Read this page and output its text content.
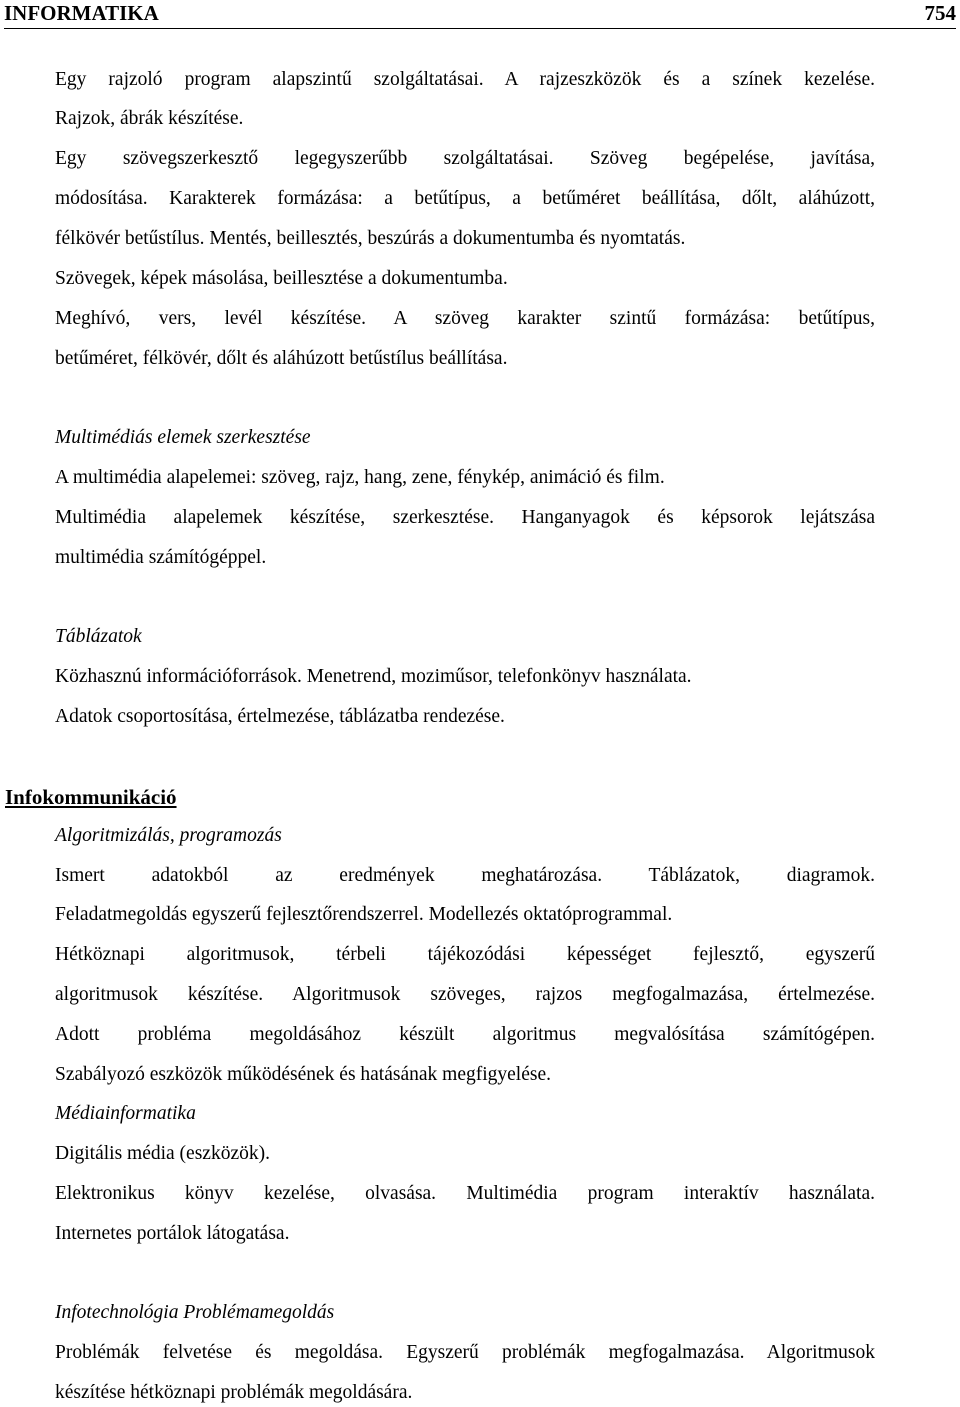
INFORMATIKA	754
Egy rajzoló program alapszintű szolgáltatásai. A rajzeszközök és a színek kezelése.
Rajzok, ábrák készítése.
Egy szövegszerkesztő legegyszerűbb szolgáltatásai. Szöveg begépelése, javítása,
módosítása. Karakterek formázása: a betűtípus, a betűméret beállítása, dőlt, aláhúzott,
félkövér betűstílus. Mentés, beillesztés, beszúrás a dokumentumba és nyomtatás.
Szövegek, képek másolása, beillesztése a dokumentumba.
Meghívó, vers, levél készítése. A szöveg karakter szintű formázása: betűtípus,
betűméret, félkövér, dőlt és aláhúzott betűstílus beállítása.
Multimédiás elemek szerkesztése
A multimédia alapelemei: szöveg, rajz, hang, zene, fénykép, animáció és film.
Multimédia alapelemek készítése, szerkesztése. Hanganyagok és képsorok lejátszása
multimédia számítógéppel.
Táblázatok
Közhasznú információforrások. Menetrend, moziműsor, telefonkönyv használata.
Adatok csoportosítása, értelmezése, táblázatba rendezése.
Infokommunikáció
Algoritmizálás, programozás
Ismert adatokból az eredmények meghatározása. Táblázatok, diagramok.
Feladatmegoldás egyszerű fejlesztőrendszerrel. Modellezés oktatóprogrammal.
Hétköznapi algoritmusok, térbeli tájékozódási képességet fejlesztő, egyszerű
algoritmusok készítése. Algoritmusok szöveges, rajzos megfogalmazása, értelmezése.
Adott probléma megoldásához készült algoritmus megvalósítása számítógépen.
Szabályozó eszközök működésének és hatásának megfigyelése.
Médiainformatika
Digitális média (eszközök).
Elektronikus könyv kezelése, olvasása. Multimédia program interaktív használata.
Internetes portálok látogatása.
Infotechnológia Problémamegoldás
Problémák felvetése és megoldása. Egyszerű problémák megfogalmazása. Algoritmusok
készítése hétköznapi problémák megoldására.
